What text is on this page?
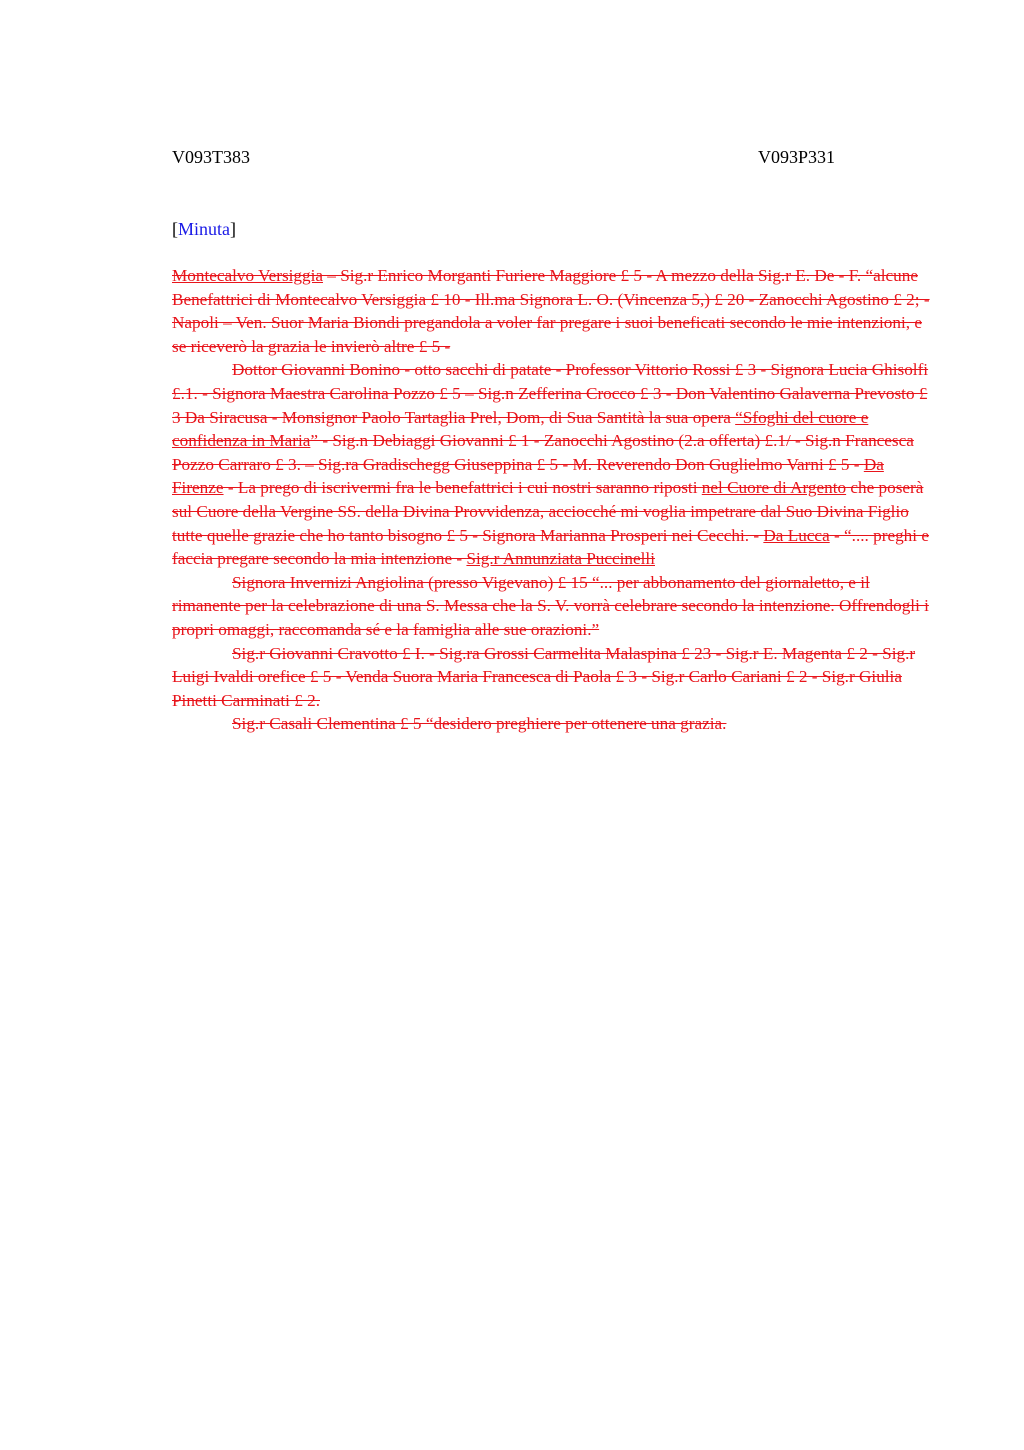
V093T383	V093P331
[Minuta]

Montecalvo Versiggia – Sig.r Enrico Morganti Furiere Maggiore £ 5 - A mezzo della Sig.r E. De - F. “alcune Benefattrici di Montecalvo Versiggia £ 10 - Ill.ma Signora L. O. (Vincenza 5,) £ 20 - Zanocchi Agostino £ 2; - Napoli – Ven. Suor Maria Biondi pregandola a voler far pregare i suoi beneficati secondo le mie intenzioni, e se riceverò la grazia le invierò altre £ 5 -

Dottor Giovanni Bonino - otto sacchi di patate - Professor Vittorio Rossi £ 3 - Signora Lucia Ghisolfi £.1. - Signora Maestra Carolina Pozzo £ 5 – Sig.n Zefferina Crocco £ 3 - Don Valentino Galaverna Prevosto £ 3 Da Siracusa - Monsignor Paolo Tartaglia Prel, Dom, di Sua Santità la sua opera “Sfoghi del cuore e confidenza in Maria” - Sig.n Debiaggi Giovanni £ 1 - Zanocchi Agostino (2.a offerta) £.1/ - Sig.n Francesca Pozzo Carraro £ 3. – Sig.ra Gradischegg Giuseppina £ 5 - M. Reverendo Don Guglielmo Varni £ 5 - Da Firenze - La prego di iscrivermi fra le benefattrici i cui nostri saranno riposti nel Cuore di Argento che poserà sul Cuore della Vergine SS. della Divina Provvidenza, acciocché mi voglia impetrare dal Suo Divina Figlio tutte quelle grazie che ho tanto bisogno £ 5 - Signora Marianna Prosperi nei Cecchi. - Da Lucca - “.... preghi e faccia pregare secondo la mia intenzione - Sig.r Annunziata Puccinelli

Signora Invernizi Angiolina (presso Vigevano) £ 15 “... per abbonamento del giornaletto, e il rimanente per la celebrazione di una S. Messa che la S. V. vorrà celebrare secondo la intenzione. Offrendogli i propri omaggi, raccomanda sé e la famiglia alle sue orazioni.”

Sig.r Giovanni Cravotto £ I. - Sig.ra Grossi Carmelita Malaspina £ 23 - Sig.r E. Magenta £ 2 - Sig.r Luigi Ivaldi orefice £ 5 - Venda Suora Maria Francesca di Paola £ 3 - Sig.r Carlo Cariani £ 2 - Sig.r Giulia Pinetti Carminati £ 2.

Sig.r Casali Clementina £ 5 “desidero preghiere per ottenere una grazia.
